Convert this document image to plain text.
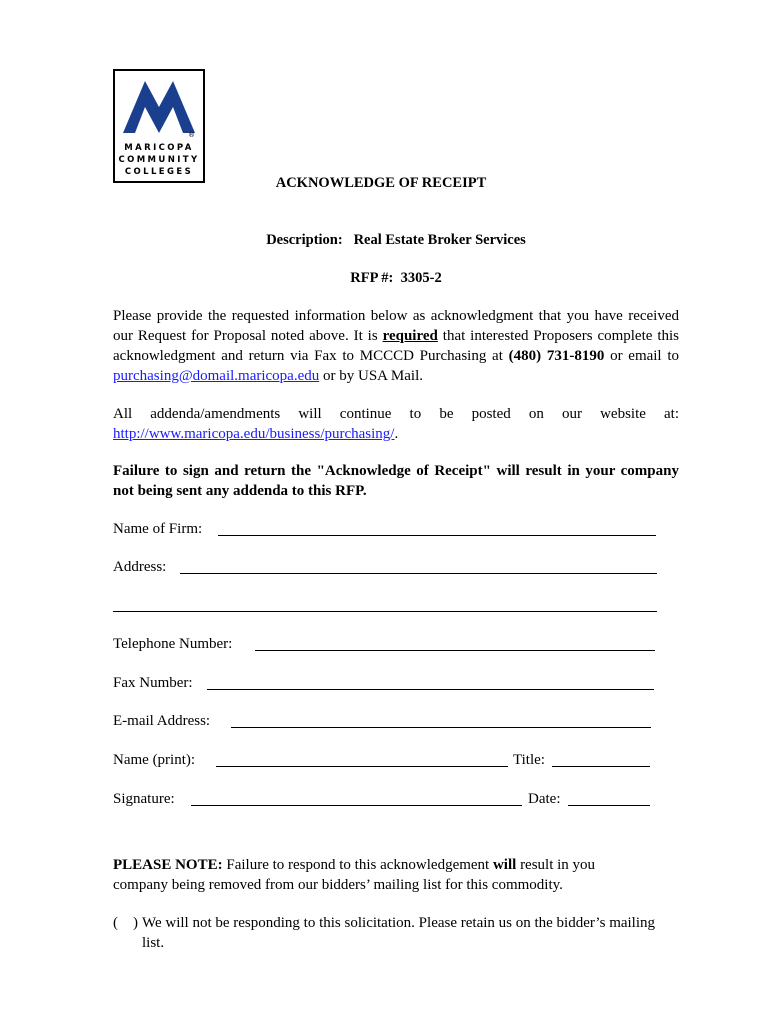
®
MARICOPA
COMMUNITY
COLLEGES
ACKNOWLEDGE OF RECEIPT
Description: Real Estate Broker Services
RFP #: 3305-2
Please provide the requested information below as acknowledgment that you have received our Request for Proposal noted above. It is required that interested Proposers complete this acknowledgment and return via Fax to MCCCD Purchasing at (480) 731-8190 or email to purchasing@domail.maricopa.edu or by USA Mail.
All addenda/amendments will continue to be posted on our website at: http://www.maricopa.edu/business/purchasing/.
Failure to sign and return the "Acknowledge of Receipt" will result in your company not being sent any addenda to this RFP.
Name of Firm:
Address:
Telephone Number:
Fax Number:
E-mail Address:
Name (print):	Title:
Signature:	Date:
PLEASE NOTE: Failure to respond to this acknowledgement will result in you company being removed from our bidders’ mailing list for this commodity.
(    ) We will not be responding to this solicitation. Please retain us on the bidder’s mailing list.
